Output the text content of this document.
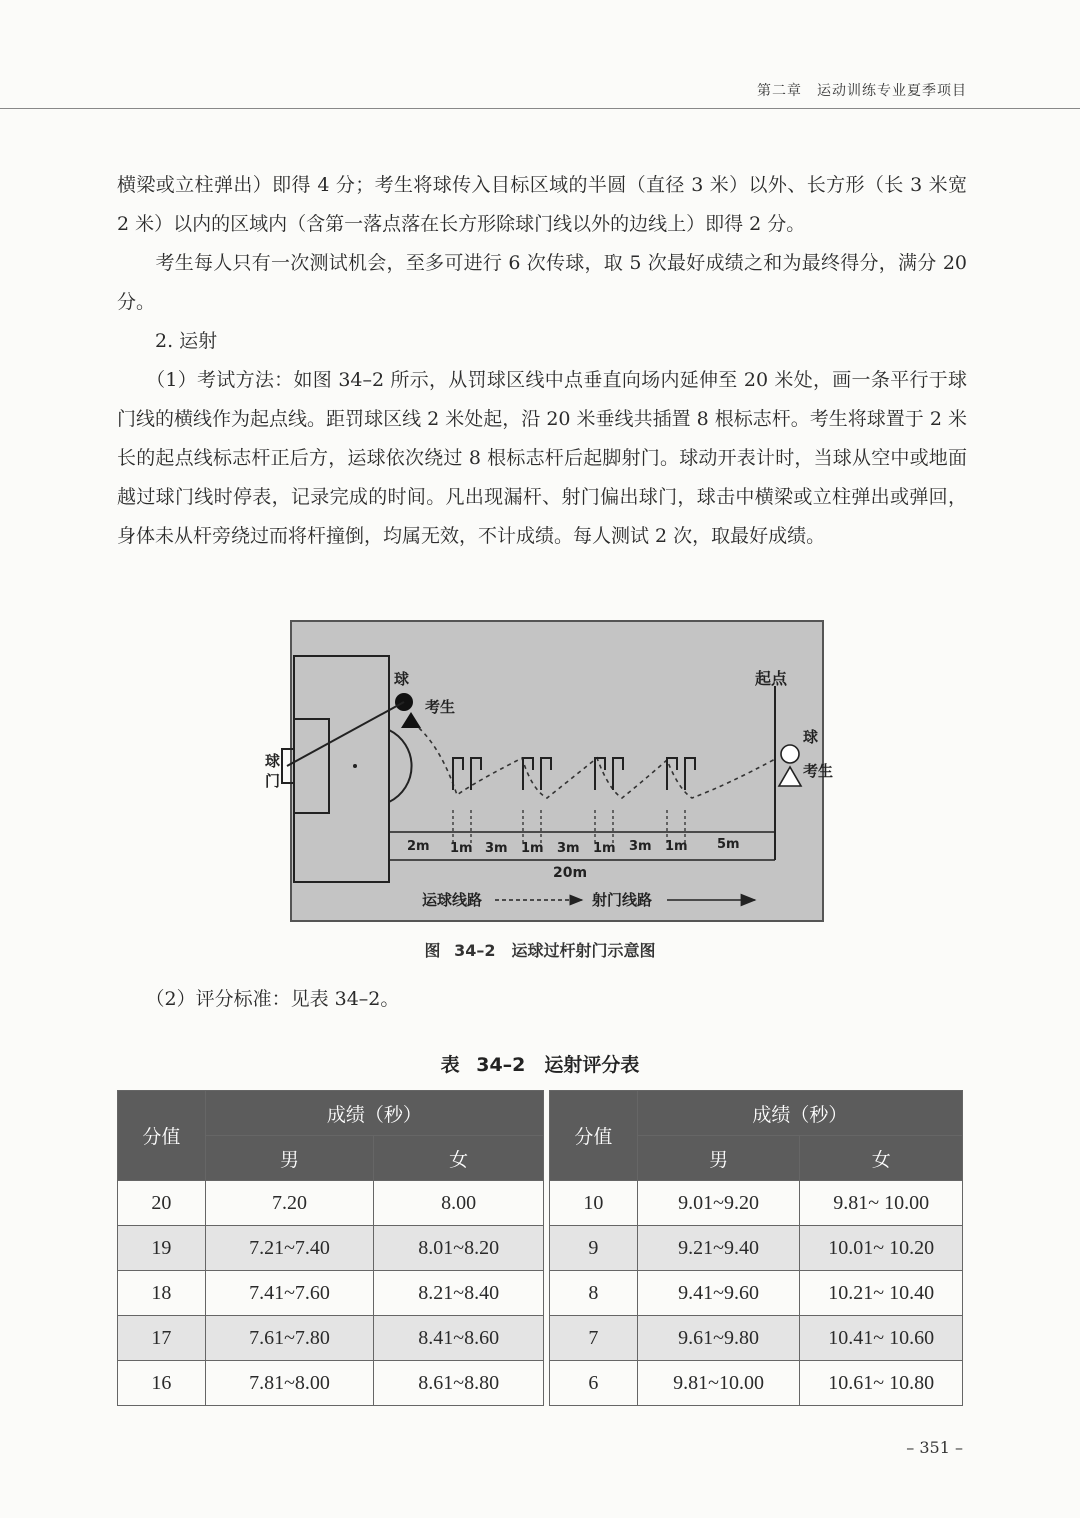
第二章　运动训练专业夏季项目

横梁或立柱弹出）即得 4 分；考生将球传入目标区域的半圆（直径 3 米）以外、长方形（长 3 米宽 2 米）以内的区域内（含第一落点落在长方形除球门线以外的边线上）即得 2 分。

　　考生每人只有一次测试机会，至多可进行 6 次传球，取 5 次最好成绩之和为最终得分，满分 20 分。

　　2. 运射

　　（1）考试方法：如图 34–2 所示，从罚球区线中点垂直向场内延伸至 20 米处，画一条平行于球门线的横线作为起点线。距罚球区线 2 米处起，沿 20 米垂线共插置 8 根标志杆。考生将球置于 2 米长的起点线标志杆正后方，运球依次绕过 8 根标志杆后起脚射门。球动开表计时，当球从空中或地面越过球门线时停表，记录完成的时间。凡出现漏杆、射门偏出球门，球击中横梁或立柱弹出或弹回，身体未从杆旁绕过而将杆撞倒，均属无效，不计成绩。每人测试 2 次，取最好成绩。

球
门
球
考生
起点
球
考生
2m 1m 3m 1m 3m 1m 3m 1m 5m
20m
运球线路	射门线路
图 34–2　运球过杆射门示意图

　　（2）评分标准：见表 34–2。

表 34–2　运射评分表
分值	成绩（秒）	
	男	女
20	7.20	8.00
19	7.21~7.40	8.01~8.20
18	7.41~7.60	8.21~8.40
17	7.61~7.80	8.41~8.60
16	7.81~8.00	8.61~8.80
分值	成绩（秒）	
	男	女
10	9.01~9.20	9.81~ 10.00
9	9.21~9.40	10.01~ 10.20
8	9.41~9.60	10.21~ 10.40
7	9.61~9.80	10.41~ 10.60
6	9.81~10.00	10.61~ 10.80
– 351 –
